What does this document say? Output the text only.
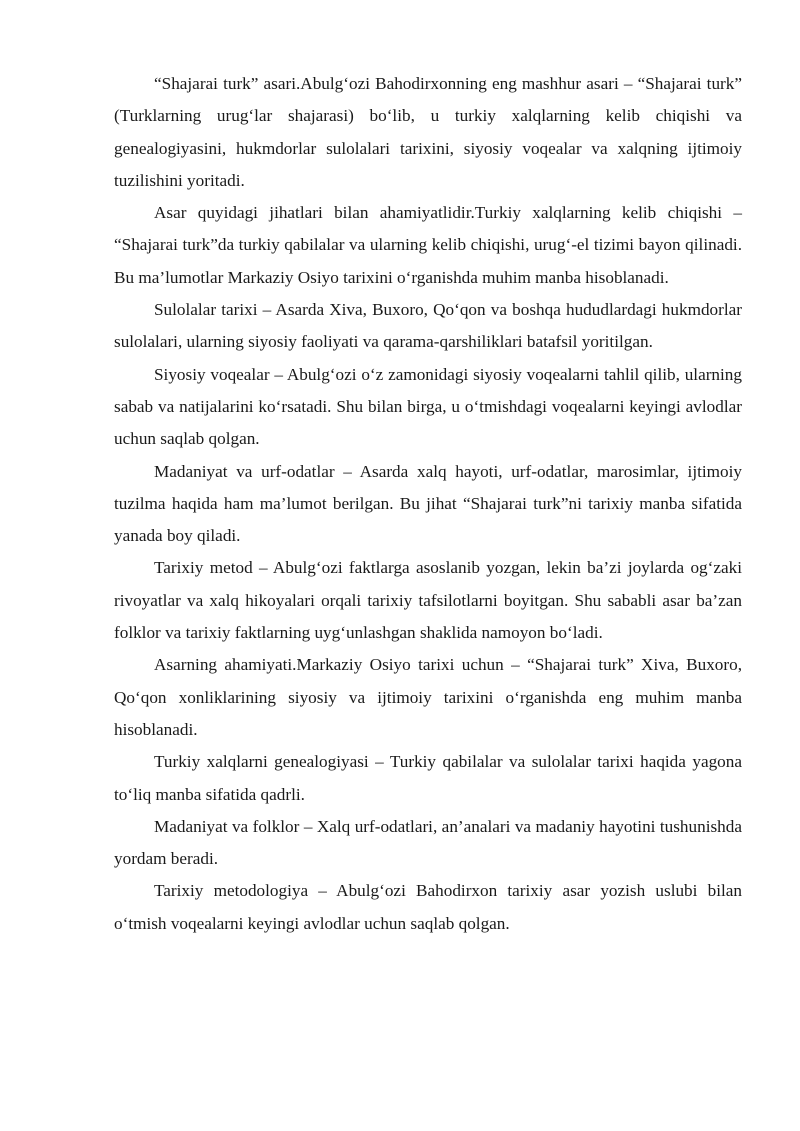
“Shajarai turk” asari.Abulg‘ozi Bahodirxonning eng mashhur asari – “Shajarai turk” (Turklarning urug‘lar shajarasi) bo‘lib, u turkiy xalqlarning kelib chiqishi va genealogiyasini, hukmdorlar sulolalari tarixini, siyosiy voqealar va xalqning ijtimoiy tuzilishini yoritadi.

Asar quyidagi jihatlari bilan ahamiyatlidir.Turkiy xalqlarning kelib chiqishi – “Shajarai turk”da turkiy qabilalar va ularning kelib chiqishi, urug‘-el tizimi bayon qilinadi. Bu ma’lumotlar Markaziy Osiyo tarixini o‘rganishda muhim manba hisoblanadi.

Sulolalar tarixi – Asarda Xiva, Buxoro, Qo‘qon va boshqa hududlardagi hukmdorlar sulolalari, ularning siyosiy faoliyati va qarama-qarshiliklari batafsil yoritilgan.

Siyosiy voqealar – Abulg‘ozi o‘z zamonidagi siyosiy voqealarni tahlil qilib, ularning sabab va natijalarini ko‘rsatadi. Shu bilan birga, u o‘tmishdagi voqealarni keyingi avlodlar uchun saqlab qolgan.

Madaniyat va urf-odatlar – Asarda xalq hayoti, urf-odatlar, marosimlar, ijtimoiy tuzilma haqida ham ma’lumot berilgan. Bu jihat “Shajarai turk”ni tarixiy manba sifatida yanada boy qiladi.

Tarixiy metod – Abulg‘ozi faktlarga asoslanib yozgan, lekin ba’zi joylarda og‘zaki rivoyatlar va xalq hikoyalari orqali tarixiy tafsilotlarni boyitgan. Shu sababli asar ba’zan folklor va tarixiy faktlarning uyg‘unlashgan shaklida namoyon bo‘ladi.

Asarning ahamiyati.Markaziy Osiyo tarixi uchun – “Shajarai turk” Xiva, Buxoro, Qo‘qon xonliklarining siyosiy va ijtimoiy tarixini o‘rganishda eng muhim manba hisoblanadi.

Turkiy xalqlarni genealogiyasi – Turkiy qabilalar va sulolalar tarixi haqida yagona to‘liq manba sifatida qadrli.

Madaniyat va folklor – Xalq urf-odatlari, an’analari va madaniy hayotini tushunishda yordam beradi.

Tarixiy metodologiya – Abulg‘ozi Bahodirxon tarixiy asar yozish uslubi bilan o‘tmish voqealarni keyingi avlodlar uchun saqlab qolgan.
